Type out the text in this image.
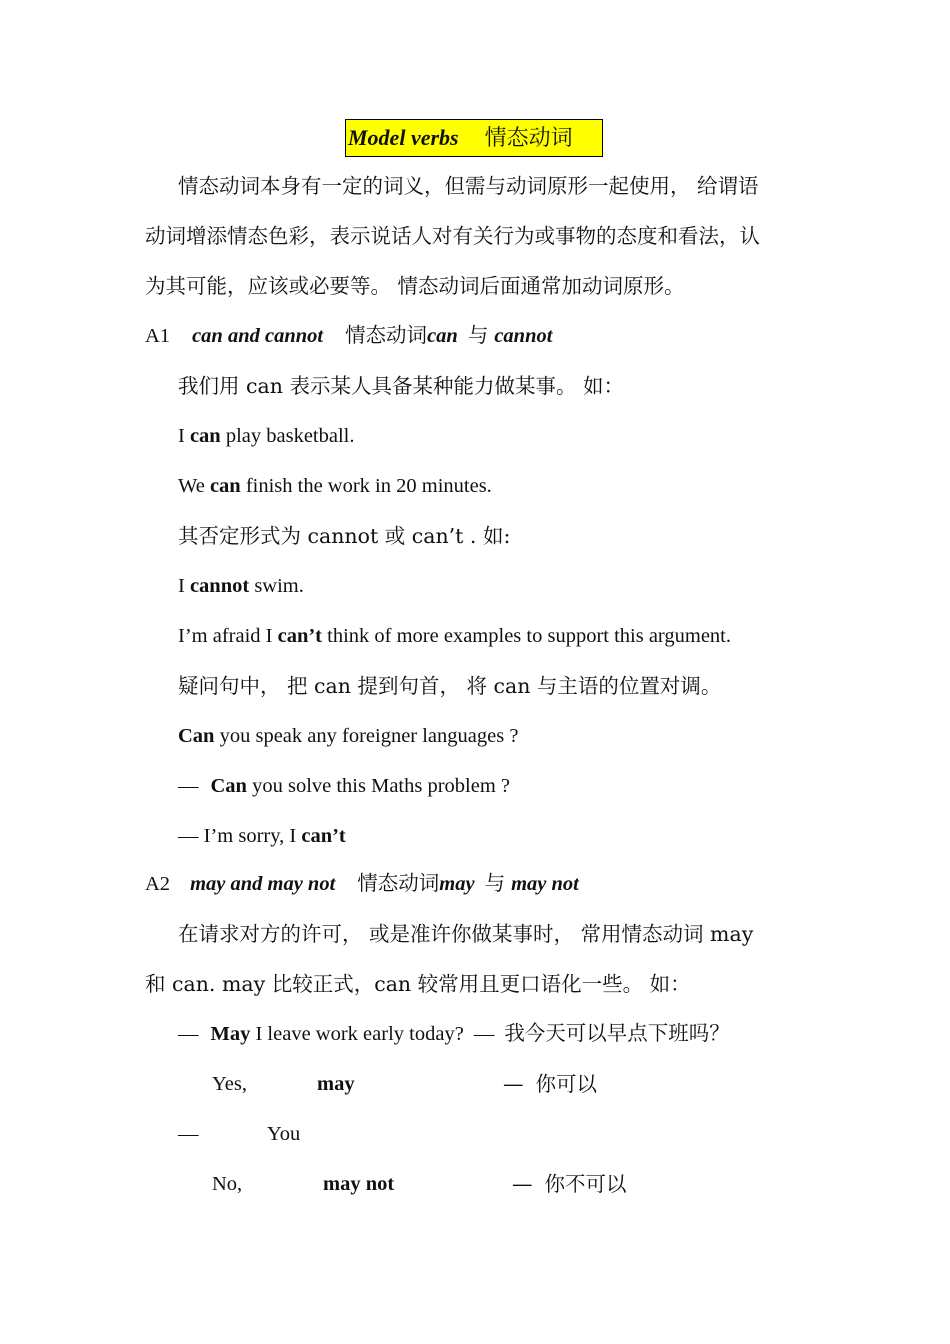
Model verbs 情态动词
情态动词本身有一定的词义，但需与动词原形一起使用， 给谓语
动词增添情态色彩，表示说话人对有关行为或事物的态度和看法，认
为其可能，应该或必要等。 情态动词后面通常加动词原形。
A1 can and cannot 情态动词can 与 cannot
我们用 can 表示某人具备某种能力做某事。 如：
I can play basketball.
We can finish the work in 20 minutes.
其否定形式为 cannot 或 can’t . 如:
I cannot swim.
I’m afraid I can’t think of more examples to support this argument.
疑问句中， 把 can 提到句首， 将 can 与主语的位置对调。
Can you speak any foreigner languages ?
— Can you solve this Maths problem ?
— I’m sorry, I can’t
A2 may and may not 情态动词may 与 may not
在请求对方的许可， 或是准许你做某事时， 常用情态动词 may
和 can. may 比较正式，can 较常用且更口语化一些。 如：
— May I leave work early today? — 我今天可以早点下班吗？
Yes,	may	— 你可以
—	You
No,	may not	— 你不可以
